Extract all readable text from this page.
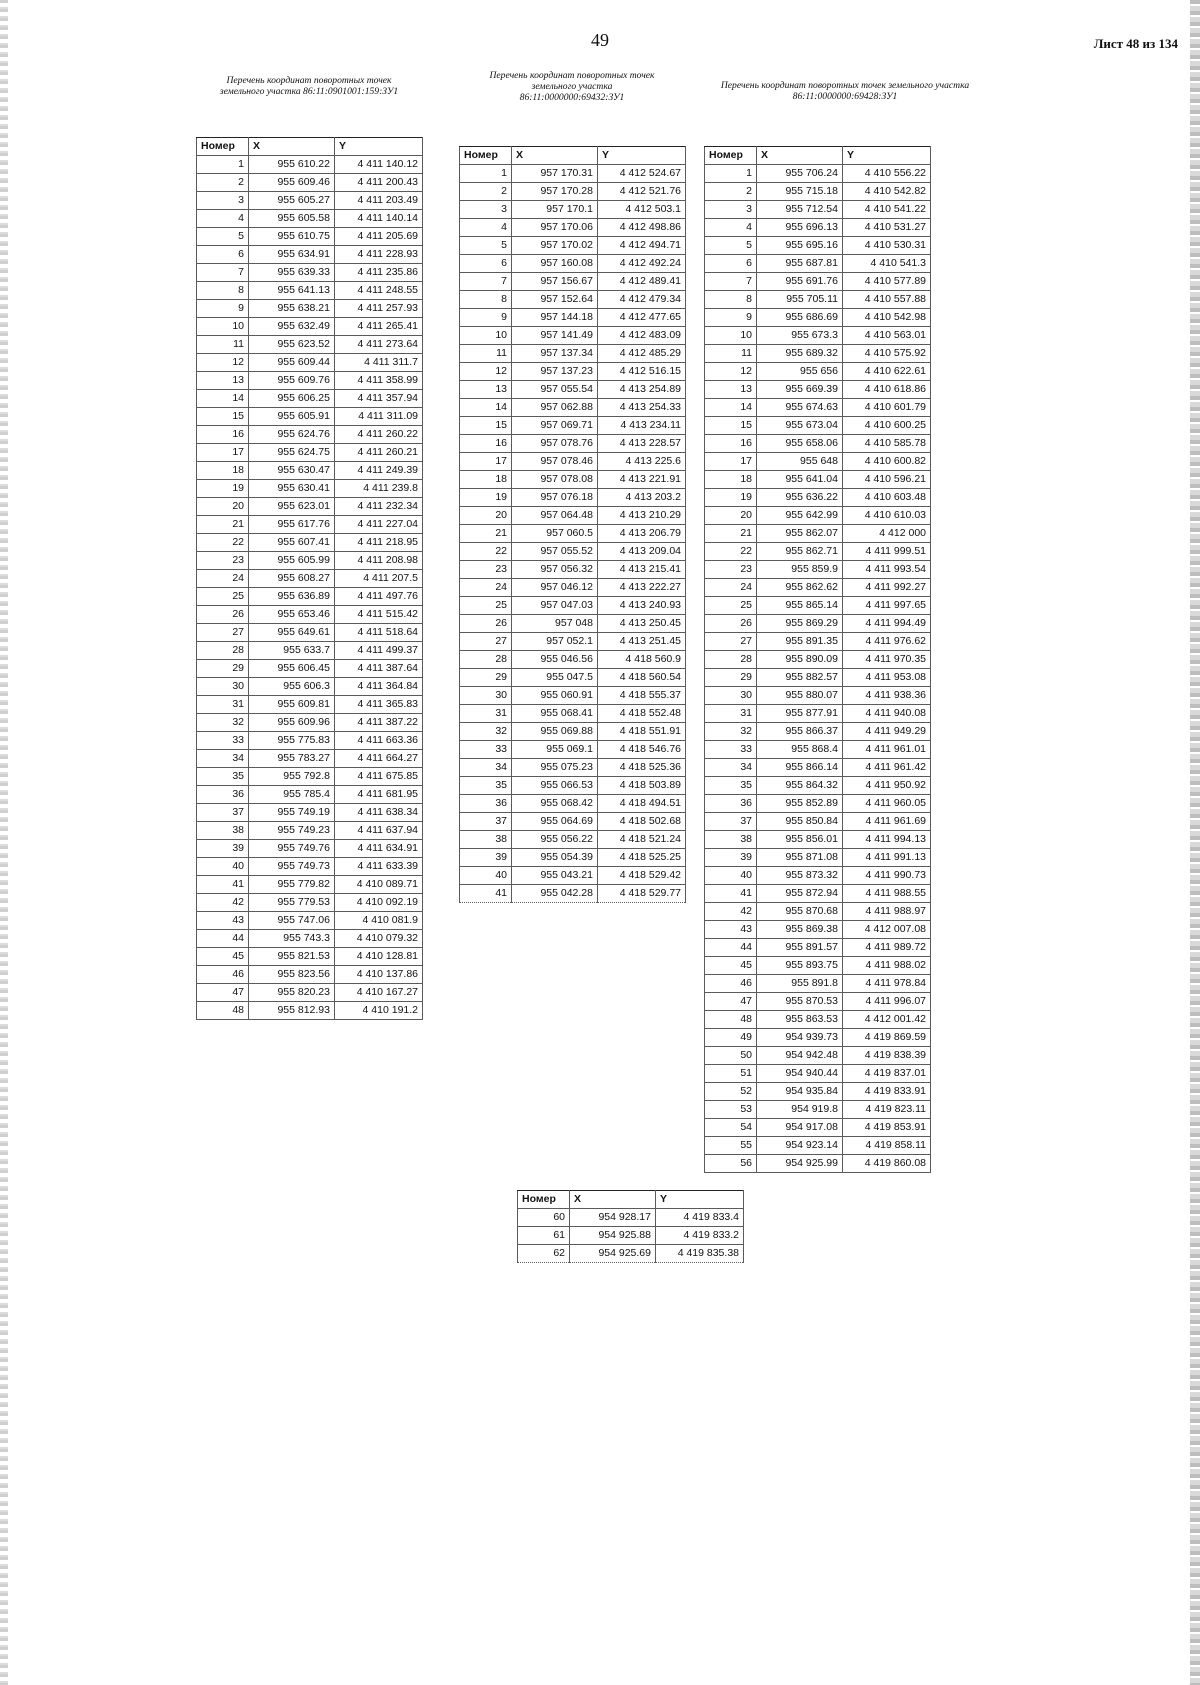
49	Лист 48 из 134
Перечень координат поворотных точек
земельного участка 86:11:0901001:159:ЗУ1
Перечень координат поворотных точек
земельного участка
86:11:0000000:69432:ЗУ1
Перечень координат поворотных точек земельного участка
86:11:0000000:69428:ЗУ1
Номер	X	Y
1	955 610.22	4 411 140.12
2	955 609.46	4 411 200.43
3	955 605.27	4 411 203.49
4	955 605.58	4 411 140.14
5	955 610.75	4 411 205.69
6	955 634.91	4 411 228.93
7	955 639.33	4 411 235.86
8	955 641.13	4 411 248.55
9	955 638.21	4 411 257.93
10	955 632.49	4 411 265.41
11	955 623.52	4 411 273.64
12	955 609.44	4 411 311.7
13	955 609.76	4 411 358.99
14	955 606.25	4 411 357.94
15	955 605.91	4 411 311.09
16	955 624.76	4 411 260.22
17	955 624.75	4 411 260.21
18	955 630.47	4 411 249.39
19	955 630.41	4 411 239.8
20	955 623.01	4 411 232.34
21	955 617.76	4 411 227.04
22	955 607.41	4 411 218.95
23	955 605.99	4 411 208.98
24	955 608.27	4 411 207.5
25	955 636.89	4 411 497.76
26	955 653.46	4 411 515.42
27	955 649.61	4 411 518.64
28	955 633.7	4 411 499.37
29	955 606.45	4 411 387.64
30	955 606.3	4 411 364.84
31	955 609.81	4 411 365.83
32	955 609.96	4 411 387.22
33	955 775.83	4 411 663.36
34	955 783.27	4 411 664.27
35	955 792.8	4 411 675.85
36	955 785.4	4 411 681.95
37	955 749.19	4 411 638.34
38	955 749.23	4 411 637.94
39	955 749.76	4 411 634.91
40	955 749.73	4 411 633.39
41	955 779.82	4 410 089.71
42	955 779.53	4 410 092.19
43	955 747.06	4 410 081.9
44	955 743.3	4 410 079.32
45	955 821.53	4 410 128.81
46	955 823.56	4 410 137.86
47	955 820.23	4 410 167.27
48	955 812.93	4 410 191.2
Номер	X	Y
1	957 170.31	4 412 524.67
2	957 170.28	4 412 521.76
3	957 170.1	4 412 503.1
4	957 170.06	4 412 498.86
5	957 170.02	4 412 494.71
6	957 160.08	4 412 492.24
7	957 156.67	4 412 489.41
8	957 152.64	4 412 479.34
9	957 144.18	4 412 477.65
10	957 141.49	4 412 483.09
11	957 137.34	4 412 485.29
12	957 137.23	4 412 516.15
13	957 055.54	4 413 254.89
14	957 062.88	4 413 254.33
15	957 069.71	4 413 234.11
16	957 078.76	4 413 228.57
17	957 078.46	4 413 225.6
18	957 078.08	4 413 221.91
19	957 076.18	4 413 203.2
20	957 064.48	4 413 210.29
21	957 060.5	4 413 206.79
22	957 055.52	4 413 209.04
23	957 056.32	4 413 215.41
24	957 046.12	4 413 222.27
25	957 047.03	4 413 240.93
26	957 048	4 413 250.45
27	957 052.1	4 413 251.45
28	955 046.56	4 418 560.9
29	955 047.5	4 418 560.54
30	955 060.91	4 418 555.37
31	955 068.41	4 418 552.48
32	955 069.88	4 418 551.91
33	955 069.1	4 418 546.76
34	955 075.23	4 418 525.36
35	955 066.53	4 418 503.89
36	955 068.42	4 418 494.51
37	955 064.69	4 418 502.68
38	955 056.22	4 418 521.24
39	955 054.39	4 418 525.25
40	955 043.21	4 418 529.42
41	955 042.28	4 418 529.77
Номер	X	Y
1	955 706.24	4 410 556.22
2	955 715.18	4 410 542.82
3	955 712.54	4 410 541.22
4	955 696.13	4 410 531.27
5	955 695.16	4 410 530.31
6	955 687.81	4 410 541.3
7	955 691.76	4 410 577.89
8	955 705.11	4 410 557.88
9	955 686.69	4 410 542.98
10	955 673.3	4 410 563.01
11	955 689.32	4 410 575.92
12	955 656	4 410 622.61
13	955 669.39	4 410 618.86
14	955 674.63	4 410 601.79
15	955 673.04	4 410 600.25
16	955 658.06	4 410 585.78
17	955 648	4 410 600.82
18	955 641.04	4 410 596.21
19	955 636.22	4 410 603.48
20	955 642.99	4 410 610.03
21	955 862.07	4 412 000
22	955 862.71	4 411 999.51
23	955 859.9	4 411 993.54
24	955 862.62	4 411 992.27
25	955 865.14	4 411 997.65
26	955 869.29	4 411 994.49
27	955 891.35	4 411 976.62
28	955 890.09	4 411 970.35
29	955 882.57	4 411 953.08
30	955 880.07	4 411 938.36
31	955 877.91	4 411 940.08
32	955 866.37	4 411 949.29
33	955 868.4	4 411 961.01
34	955 866.14	4 411 961.42
35	955 864.32	4 411 950.92
36	955 852.89	4 411 960.05
37	955 850.84	4 411 961.69
38	955 856.01	4 411 994.13
39	955 871.08	4 411 991.13
40	955 873.32	4 411 990.73
41	955 872.94	4 411 988.55
42	955 870.68	4 411 988.97
43	955 869.38	4 412 007.08
44	955 891.57	4 411 989.72
45	955 893.75	4 411 988.02
46	955 891.8	4 411 978.84
47	955 870.53	4 411 996.07
48	955 863.53	4 412 001.42
49	954 939.73	4 419 869.59
50	954 942.48	4 419 838.39
51	954 940.44	4 419 837.01
52	954 935.84	4 419 833.91
53	954 919.8	4 419 823.11
54	954 917.08	4 419 853.91
55	954 923.14	4 419 858.11
56	954 925.99	4 419 860.08
Номер	X	Y
60	954 928.17	4 419 833.4
61	954 925.88	4 419 833.2
62	954 925.69	4 419 835.38
